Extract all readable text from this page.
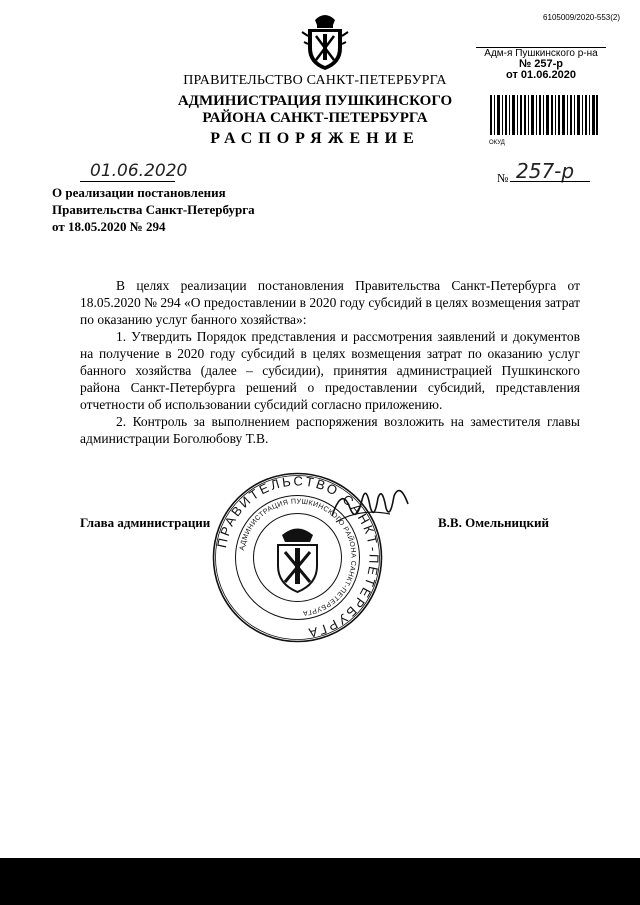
6105009/2020-553(2)
ПРАВИТЕЛЬСТВО САНКТ-ПЕТЕРБУРГА
АДМИНИСТРАЦИЯ ПУШКИНСКОГО
РАЙОНА САНКТ-ПЕТЕРБУРГА
РАСПОРЯЖЕНИЕ
Адм-я Пушкинского р-на
№ 257-р
от 01.06.2020
ОКУД
01.06.2020	№ 257-р
О реализации постановления
Правительства Санкт-Петербурга
от 18.05.2020 № 294

В целях реализации постановления Правительства Санкт-Петербурга от 18.05.2020 № 294 «О предоставлении в 2020 году субсидий в целях возмещения затрат по оказанию услуг банного хозяйства»:

1. Утвердить Порядок представления и рассмотрения заявлений и документов на получение в 2020 году субсидий в целях возмещения затрат по оказанию услуг банного хозяйства (далее – субсидии), принятия администрацией Пушкинского района Санкт-Петербурга решений о предоставлении субсидий, представления отчетности об использовании субсидий согласно приложению.

2. Контроль за выполнением распоряжения возложить на заместителя главы администрации Боголюбову Т.В.

ПРАВИТЕЛЬСТВО САНКТ-ПЕТЕРБУРГА
АДМИНИСТРАЦИЯ ПУШКИНСКОГО РАЙОНА САНКТ-ПЕТЕРБУРГА
Глава администрации	В.В. Омельницкий
